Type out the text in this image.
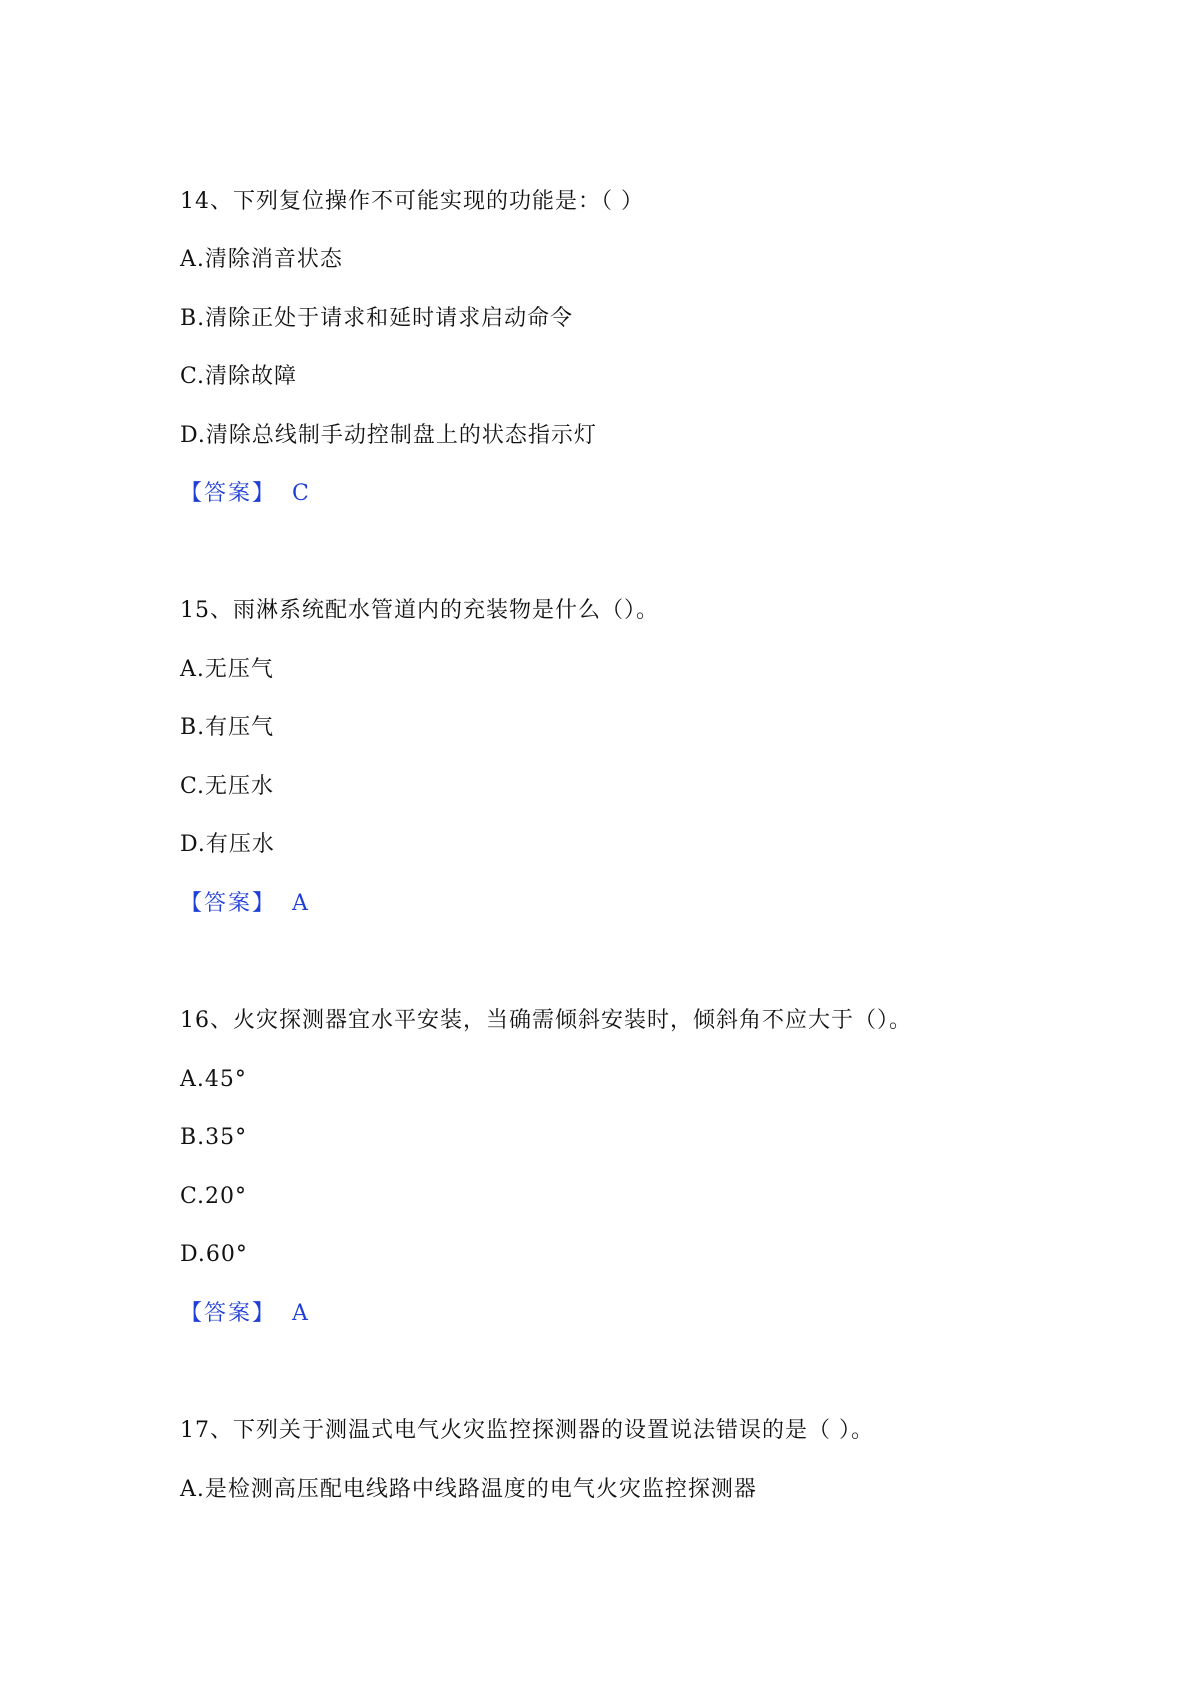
14、下列复位操作不可能实现的功能是：（ ）
A.清除消音状态
B.清除正处于请求和延时请求启动命令
C.清除故障
D.清除总线制手动控制盘上的状态指示灯
【答案】 C
15、雨淋系统配水管道内的充装物是什么（）。
A.无压气
B.有压气
C.无压水
D.有压水
【答案】 A
16、火灾探测器宜水平安装，当确需倾斜安装时，倾斜角不应大于（）。
A.45°
B.35°
C.20°
D.60°
【答案】 A
17、下列关于测温式电气火灾监控探测器的设置说法错误的是（ ）。
A.是检测高压配电线路中线路温度的电气火灾监控探测器
